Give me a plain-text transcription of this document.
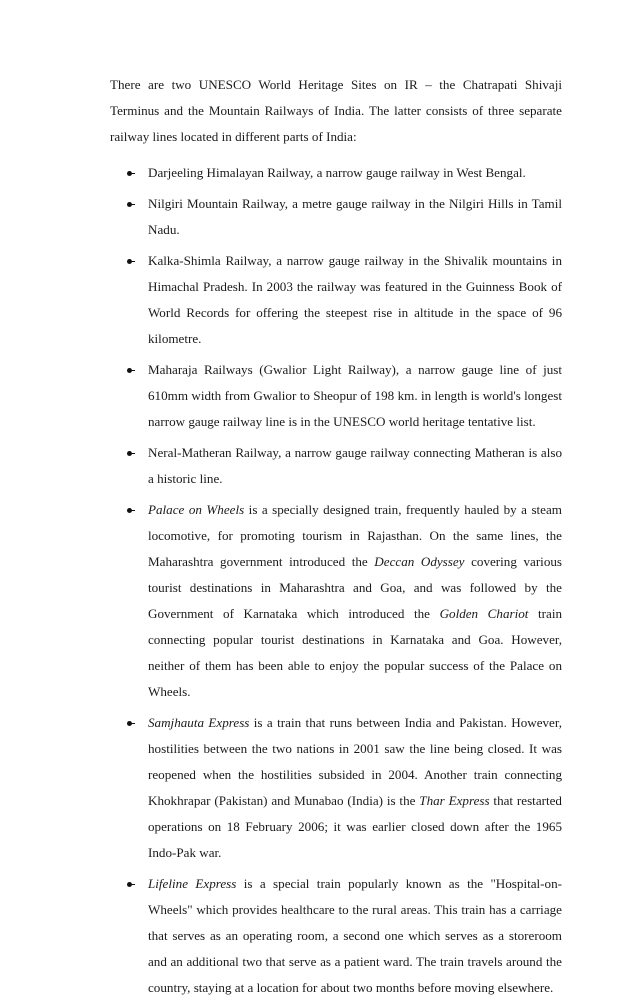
There are two UNESCO World Heritage Sites on IR – the Chatrapati Shivaji Terminus and the Mountain Railways of India. The latter consists of three separate railway lines located in different parts of India:

Darjeeling Himalayan Railway, a narrow gauge railway in West Bengal.
Nilgiri Mountain Railway, a metre gauge railway in the Nilgiri Hills in Tamil Nadu.
Kalka-Shimla Railway, a narrow gauge railway in the Shivalik mountains in Himachal Pradesh. In 2003 the railway was featured in the Guinness Book of World Records for offering the steepest rise in altitude in the space of 96 kilometre.
Maharaja Railways (Gwalior Light Railway), a narrow gauge line of just 610mm width from Gwalior to Sheopur of 198 km. in length is world's longest narrow gauge railway line is in the UNESCO world heritage tentative list.
Neral-Matheran Railway, a narrow gauge railway connecting Matheran is also a historic line.
Palace on Wheels is a specially designed train, frequently hauled by a steam locomotive, for promoting tourism in Rajasthan. On the same lines, the Maharashtra government introduced the Deccan Odyssey covering various tourist destinations in Maharashtra and Goa, and was followed by the Government of Karnataka which introduced the Golden Chariot train connecting popular tourist destinations in Karnataka and Goa. However, neither of them has been able to enjoy the popular success of the Palace on Wheels.
Samjhauta Express is a train that runs between India and Pakistan. However, hostilities between the two nations in 2001 saw the line being closed. It was reopened when the hostilities subsided in 2004. Another train connecting Khokhrapar (Pakistan) and Munabao (India) is the Thar Express that restarted operations on 18 February 2006; it was earlier closed down after the 1965 Indo-Pak war.
Lifeline Express is a special train popularly known as the "Hospital-on-Wheels" which provides healthcare to the rural areas. This train has a carriage that serves as an operating room, a second one which serves as a storeroom and an additional two that serve as a patient ward. The train travels around the country, staying at a location for about two months before moving elsewhere.
